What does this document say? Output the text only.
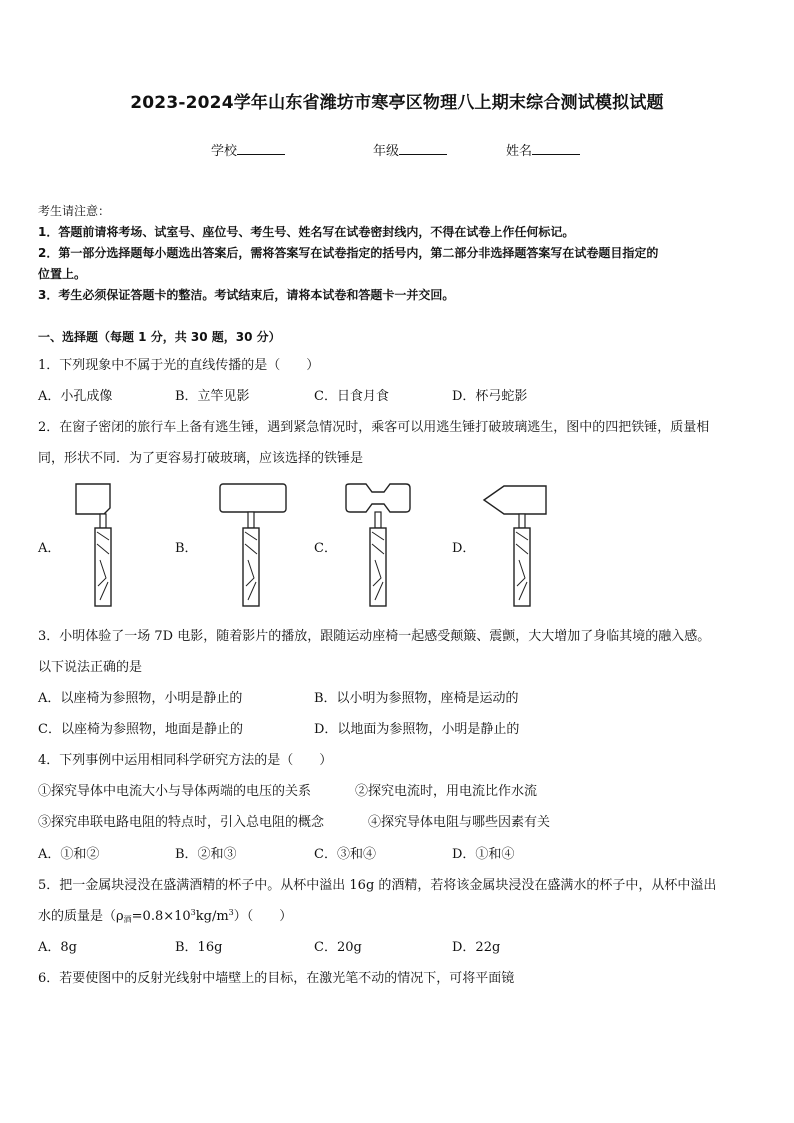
2023-2024学年山东省潍坊市寒亭区物理八上期末综合测试模拟试题
学校	年级	姓名
考生请注意：
1．答题前请将考场、试室号、座位号、考生号、姓名写在试卷密封线内，不得在试卷上作任何标记。
2．第一部分选择题每小题选出答案后，需将答案写在试卷指定的括号内，第二部分非选择题答案写在试卷题目指定的
位置上。
3．考生必须保证答题卡的整洁。考试结束后，请将本试卷和答题卡一并交回。
一、选择题（每题 1 分，共 30 题，30 分）
1．下列现象中不属于光的直线传播的是（　　）
A．小孔成像	B．立竿见影	C．日食月食	D．杯弓蛇影
2．在窗子密闭的旅行车上备有逃生锤，遇到紧急情况时，乘客可以用逃生锤打破玻璃逃生，图中的四把铁锤，质量相
同，形状不同．为了更容易打破玻璃，应该选择的铁锤是
A．	B．	C．	D．
3．小明体验了一场 7D 电影，随着影片的播放，跟随运动座椅一起感受颠簸、震颤，大大增加了身临其境的融入感。
以下说法正确的是
A．以座椅为参照物，小明是静止的	B．以小明为参照物，座椅是运动的
C．以座椅为参照物，地面是静止的	D．以地面为参照物，小明是静止的
4．下列事例中运用相同科学研究方法的是（　　）
①探究导体中电流大小与导体两端的电压的关系	②探究电流时，用电流比作水流
③探究串联电路电阻的特点时，引入总电阻的概念	④探究导体电阻与哪些因素有关
A．①和②	B．②和③	C．③和④	D．①和④
5．把一金属块浸没在盛满酒精的杯子中。从杯中溢出 16g 的酒精，若将该金属块浸没在盛满水的杯子中，从杯中溢出
水的质量是$(\rho_酒=0.8\times 10^3kg/m^3)$（　　）
A．8g	B．16g	C．20g	D．22g
6．若要使图中的反射光线射中墙壁上的目标，在激光笔不动的情况下，可将平面镜
